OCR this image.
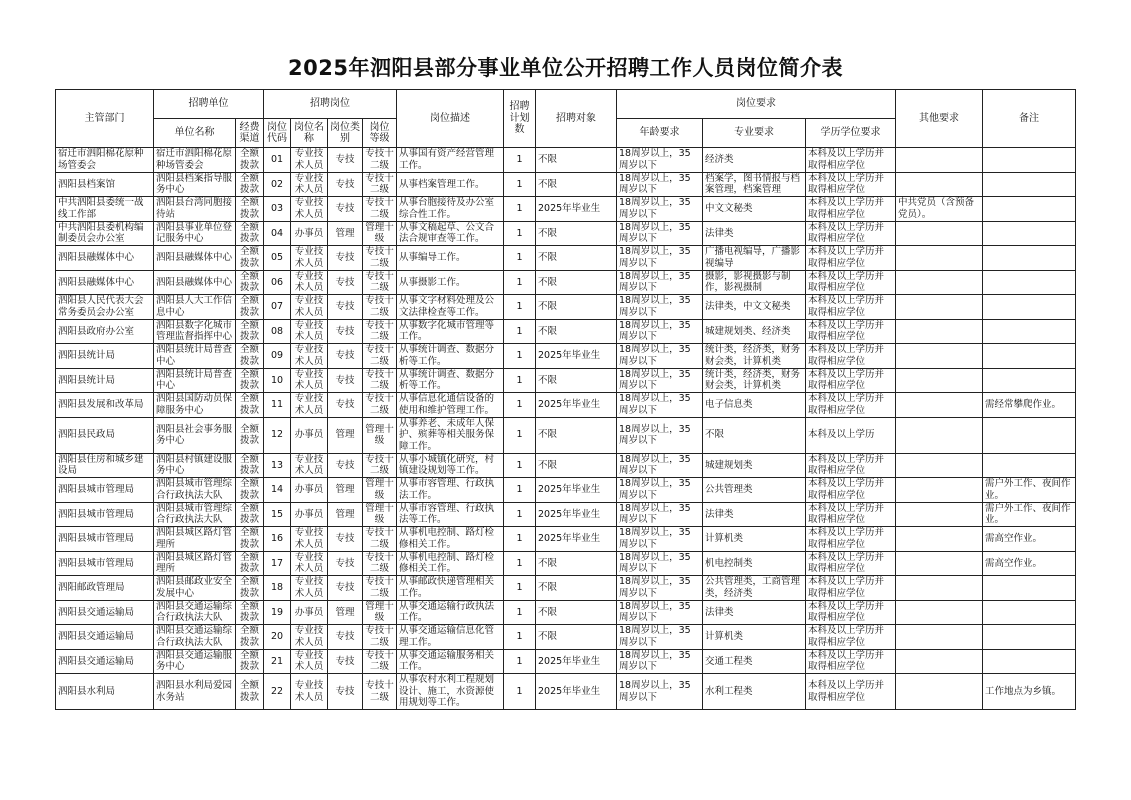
2025年泗阳县部分事业单位公开招聘工作人员岗位简介表
主管部门	招聘单位		招聘岗位				岗位描述	招聘计划数	招聘对象	岗位要求			其他要求	备注
	单位名称	经费渠道	岗位代码	岗位名称	岗位类别	岗位等级				年龄要求	专业要求	学历学位要求		
宿迁市泗阳棉花原种场管委会	宿迁市泗阳棉花原种场管委会	全额拨款	01	专业技术人员	专技	专技十二级	从事国有资产经营管理工作。	1	不限	18周岁以上，35周岁以下	经济类	本科及以上学历并取得相应学位		
泗阳县档案馆	泗阳县档案指导服务中心	全额拨款	02	专业技术人员	专技	专技十二级	从事档案管理工作。	1	不限	18周岁以上，35周岁以下	档案学，图书情报与档案管理，档案管理	本科及以上学历并取得相应学位		
中共泗阳县委统一战线工作部	泗阳县台湾同胞接待站	全额拨款	03	专业技术人员	专技	专技十二级	从事台胞接待及办公室综合性工作。	1	2025年毕业生	18周岁以上，35周岁以下	中文文秘类	本科及以上学历并取得相应学位	中共党员（含预备党员）。	
中共泗阳县委机构编制委员会办公室	泗阳县事业单位登记服务中心	全额拨款	04	办事员	管理	管理十级	从事文稿起草、公文合法合规审查等工作。	1	不限	18周岁以上，35周岁以下	法律类	本科及以上学历并取得相应学位		
泗阳县融媒体中心	泗阳县融媒体中心	全额拨款	05	专业技术人员	专技	专技十二级	从事编导工作。	1	不限	18周岁以上，35周岁以下	广播电视编导，广播影视编导	本科及以上学历并取得相应学位		
泗阳县融媒体中心	泗阳县融媒体中心	全额拨款	06	专业技术人员	专技	专技十二级	从事摄影工作。	1	不限	18周岁以上，35周岁以下	摄影，影视摄影与制作，影视摄制	本科及以上学历并取得相应学位		
泗阳县人民代表大会常务委员会办公室	泗阳县人大工作信息中心	全额拨款	07	专业技术人员	专技	专技十二级	从事文字材料处理及公文法律检查等工作。	1	不限	18周岁以上，35周岁以下	法律类，中文文秘类	本科及以上学历并取得相应学位		
泗阳县政府办公室	泗阳县数字化城市管理监督指挥中心	全额拨款	08	专业技术人员	专技	专技十二级	从事数字化城市管理等工作。	1	不限	18周岁以上，35周岁以下	城建规划类、经济类	本科及以上学历并取得相应学位		
泗阳县统计局	泗阳县统计局普查中心	全额拨款	09	专业技术人员	专技	专技十二级	从事统计调查、数据分析等工作。	1	2025年毕业生	18周岁以上，35周岁以下	统计类，经济类，财务财会类，计算机类	本科及以上学历并取得相应学位		
泗阳县统计局	泗阳县统计局普查中心	全额拨款	10	专业技术人员	专技	专技十二级	从事统计调查、数据分析等工作。	1	不限	18周岁以上，35周岁以下	统计类，经济类，财务财会类，计算机类	本科及以上学历并取得相应学位		
泗阳县发展和改革局	泗阳县国防动员保障服务中心	全额拨款	11	专业技术人员	专技	专技十二级	从事信息化通信设备的使用和维护管理工作。	1	2025年毕业生	18周岁以上，35周岁以下	电子信息类	本科及以上学历并取得相应学位		需经常攀爬作业。
泗阳县民政局	泗阳县社会事务服务中心	全额拨款	12	办事员	管理	管理十级	从事养老、未成年人保护、殡葬等相关服务保障工作。	1	不限	18周岁以上，35周岁以下	不限	本科及以上学历		
泗阳县住房和城乡建设局	泗阳县村镇建设服务中心	全额拨款	13	专业技术人员	专技	专技十二级	从事小城镇化研究，村镇建设规划等工作。	1	不限	18周岁以上，35周岁以下	城建规划类	本科及以上学历并取得相应学位		
泗阳县城市管理局	泗阳县城市管理综合行政执法大队	全额拨款	14	办事员	管理	管理十级	从事市容管理、行政执法工作。	1	2025年毕业生	18周岁以上，35周岁以下	公共管理类	本科及以上学历并取得相应学位		需户外工作、夜间作业。
泗阳县城市管理局	泗阳县城市管理综合行政执法大队	全额拨款	15	办事员	管理	管理十级	从事市容管理、行政执法等工作。	1	2025年毕业生	18周岁以上，35周岁以下	法律类	本科及以上学历并取得相应学位		需户外工作、夜间作业。
泗阳县城市管理局	泗阳县城区路灯管理所	全额拨款	16	专业技术人员	专技	专技十二级	从事机电控制、路灯检修相关工作。	1	2025年毕业生	18周岁以上，35周岁以下	计算机类	本科及以上学历并取得相应学位		需高空作业。
泗阳县城市管理局	泗阳县城区路灯管理所	全额拨款	17	专业技术人员	专技	专技十二级	从事机电控制、路灯检修相关工作。	1	不限	18周岁以上，35周岁以下	机电控制类	本科及以上学历并取得相应学位		需高空作业。
泗阳邮政管理局	泗阳县邮政业安全发展中心	全额拨款	18	专业技术人员	专技	专技十二级	从事邮政快递管理相关工作。	1	不限	18周岁以上，35周岁以下	公共管理类，工商管理类，经济类	本科及以上学历并取得相应学位		
泗阳县交通运输局	泗阳县交通运输综合行政执法大队	全额拨款	19	办事员	管理	管理十级	从事交通运输行政执法工作。	1	不限	18周岁以上，35周岁以下	法律类	本科及以上学历并取得相应学位		
泗阳县交通运输局	泗阳县交通运输综合行政执法大队	全额拨款	20	专业技术人员	专技	专技十二级	从事交通运输信息化管理工作。	1	不限	18周岁以上，35周岁以下	计算机类	本科及以上学历并取得相应学位		
泗阳县交通运输局	泗阳县交通运输服务中心	全额拨款	21	专业技术人员	专技	专技十二级	从事交通运输服务相关工作。	1	2025年毕业生	18周岁以上，35周岁以下	交通工程类	本科及以上学历并取得相应学位		
泗阳县水利局	泗阳县水利局爱园水务站	全额拨款	22	专业技术人员	专技	专技十二级	从事农村水利工程规划设计、施工，水资源使用规划等工作。	1	2025年毕业生	18周岁以上，35周岁以下	水利工程类	本科及以上学历并取得相应学位		工作地点为乡镇。
